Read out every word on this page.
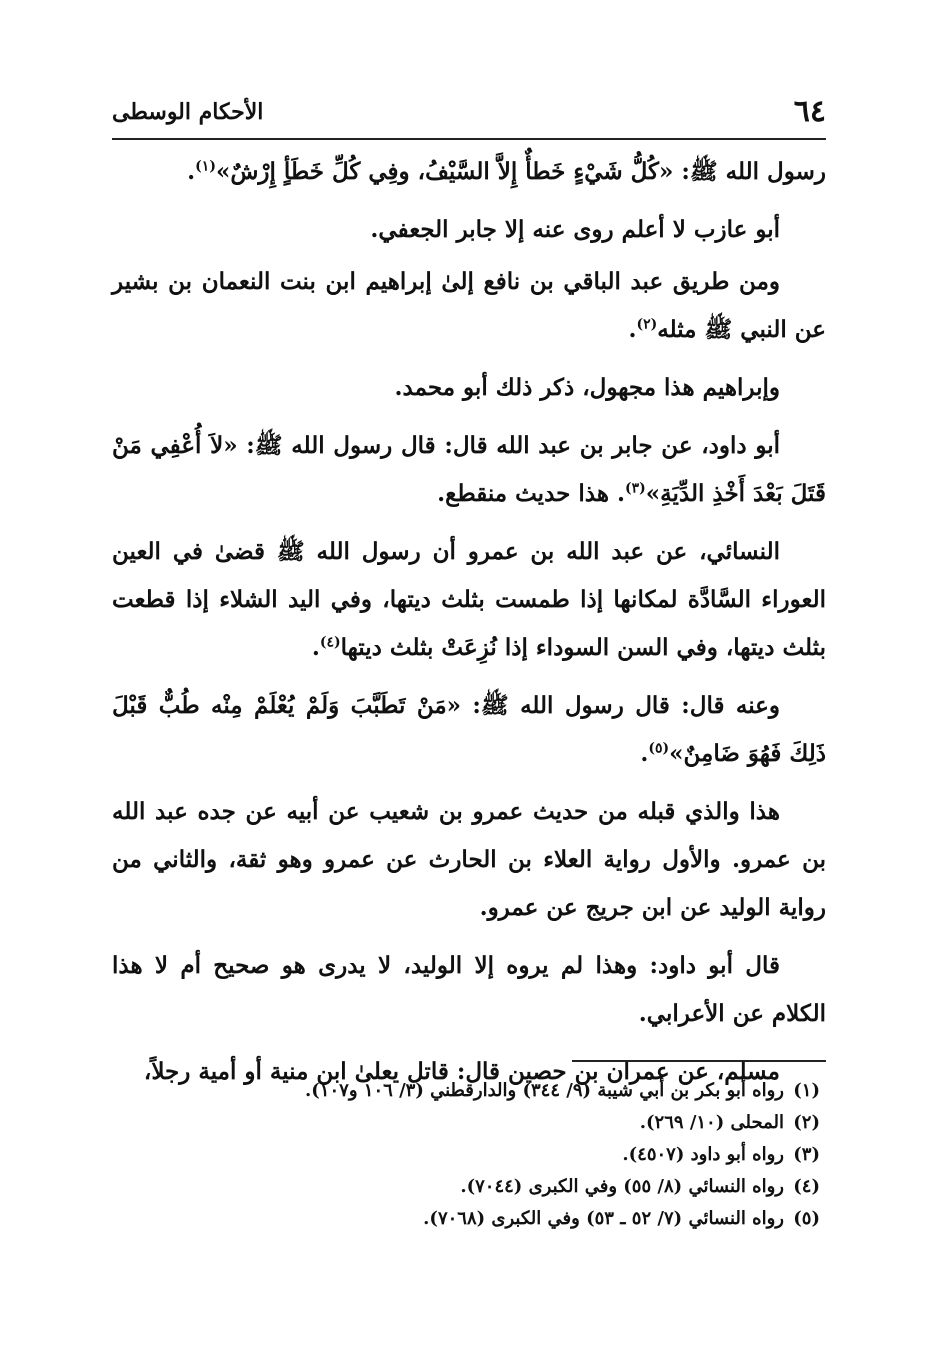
٦٤
الأحكام الوسطى

رسول الله ﷺ: «كُلُّ شَيْءٍ خَطأٌ إِلاَّ السَّيْفُ، وفِي كُلِّ خَطَأٍ إِرْشٌ»$^{(١)}$.

أبو عازب لا أعلم روى عنه إلا جابر الجعفي.

ومن طريق عبد الباقي بن نافع إلىٰ إبراهيم ابن بنت النعمان بن بشير عن النبي ﷺ مثله$^{(٢)}$.

وإبراهيم هذا مجهول، ذكر ذلك أبو محمد.

أبو داود، عن جابر بن عبد الله قال: قال رسول الله ﷺ: «لاَ أُعْفِي مَنْ قَتَلَ بَعْدَ أَخْذِ الدِّيَةِ»$^{(٣)}$. هذا حديث منقطع.

النسائي، عن عبد الله بن عمرو أن رسول الله ﷺ قضىٰ في العين العوراء السَّادَّة لمكانها إذا طمست بثلث ديتها، وفي اليد الشلاء إذا قطعت بثلث ديتها، وفي السن السوداء إذا نُزِعَتْ بثلث ديتها$^{(٤)}$.

وعنه قال: قال رسول الله ﷺ: «مَنْ تَطَبَّبَ وَلَمْ يُعْلَمْ مِنْه طُبٌّ قَبْلَ ذَلِكَ فَهُوَ ضَامِنٌ»$^{(٥)}$.

هذا والذي قبله من حديث عمرو بن شعيب عن أبيه عن جده عبد الله بن عمرو. والأول رواية العلاء بن الحارث عن عمرو وهو ثقة، والثاني من رواية الوليد عن ابن جريج عن عمرو.

قال أبو داود: وهذا لم يروه إلا الوليد، لا يدرى هو صحيح أم لا هذا الكلام عن الأعرابي.

مسلم، عن عمران بن حصين قال: قاتل يعلىٰ ابن منية أو أمية رجلاً،

(١)رواه أبو بكر بن أبي شيبة (٩/ ٣٤٤) والدارقطني (٣/ ١٠٦ و١٠٧).

(٢)المحلى (١٠/ ٢٦٩).

(٣)رواه أبو داود (٤٥٠٧).

(٤)رواه النسائي (٨/ ٥٥) وفي الكبرى (٧٠٤٤).

(٥)رواه النسائي (٧/ ٥٢ ـ ٥٣) وفي الكبرى (٧٠٦٨).
